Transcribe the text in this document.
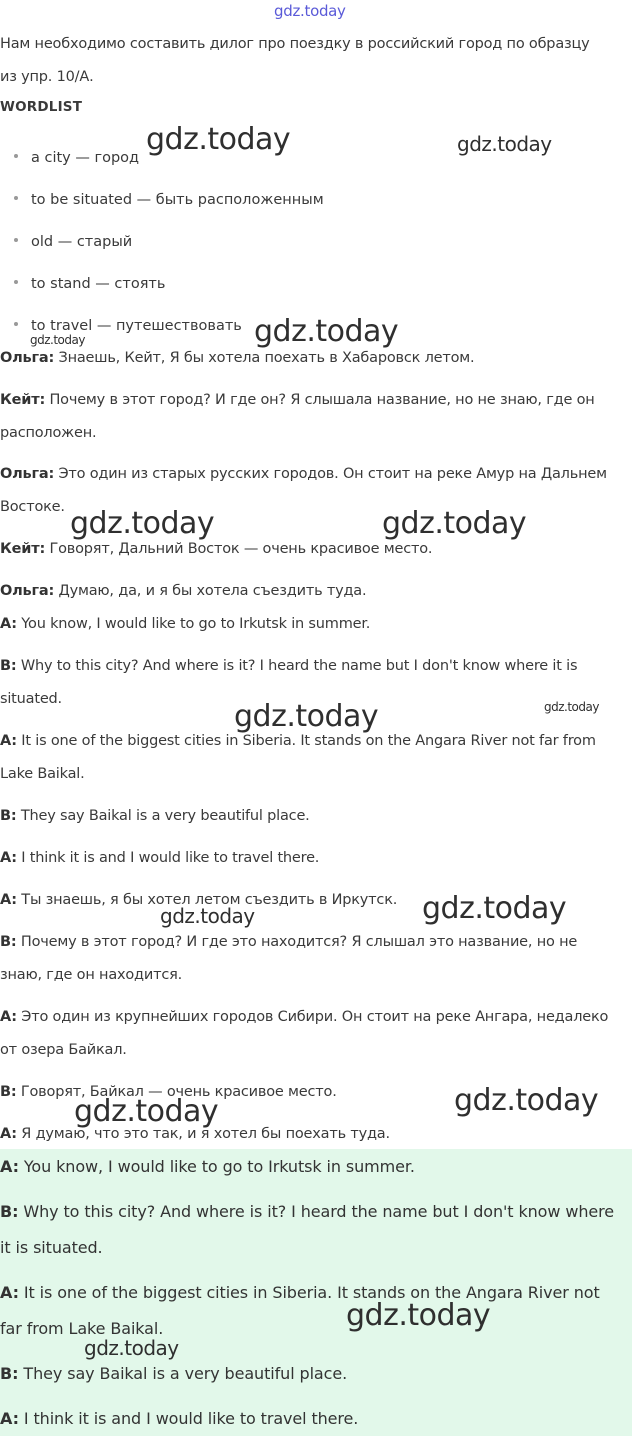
gdz.today
Нам необходимо составить дилог про поездку в российский город по образцу
из упр. 10/А.
WORDLIST
a city — город
to be situated — быть расположенным
old — старый
to stand — стоять
to travel — путешествовать
Ольга: Знаешь, Кейт, Я бы хотела поехать в Хабаровск летом.
Кейт: Почему в этот город? И где он? Я слышала название, но не знаю, где он
расположен.
Ольга: Это один из старых русских городов. Он стоит на реке Амур на Дальнем
Востоке.
Кейт: Говорят, Дальний Восток — очень красивое место.
Ольга: Думаю, да, и я бы хотела съездить туда.
A: You know, I would like to go to Irkutsk in summer.
B: Why to this city? And where is it? I heard the name but I don't know where it is
situated.
A: It is one of the biggest cities in Siberia. It stands on the Angara River not far from
Lake Baikal.
B: They say Baikal is a very beautiful place.
A: I think it is and I would like to travel there.
A: Ты знаешь, я бы хотел летом съездить в Иркутск.
B: Почему в этот город? И где это находится? Я слышал это название, но не
знаю, где он находится.
A: Это один из крупнейших городов Сибири. Он стоит на реке Ангара, недалеко
от озера Байкал.
B: Говорят, Байкал — очень красивое место.
A: Я думаю, что это так, и я хотел бы поехать туда.
A: You know, I would like to go to Irkutsk in summer.
B: Why to this city? And where is it? I heard the name but I don't know where
it is situated.
A: It is one of the biggest cities in Siberia. It stands on the Angara River not
far from Lake Baikal.
B: They say Baikal is a very beautiful place.
A: I think it is and I would like to travel there.
gdz.today	gdz.today
gdz.today
gdz.today
gdz.today	gdz.today
gdz.today	gdz.today
gdz.today
gdz.today
gdz.today
gdz.today
gdz.today
gdz.today
